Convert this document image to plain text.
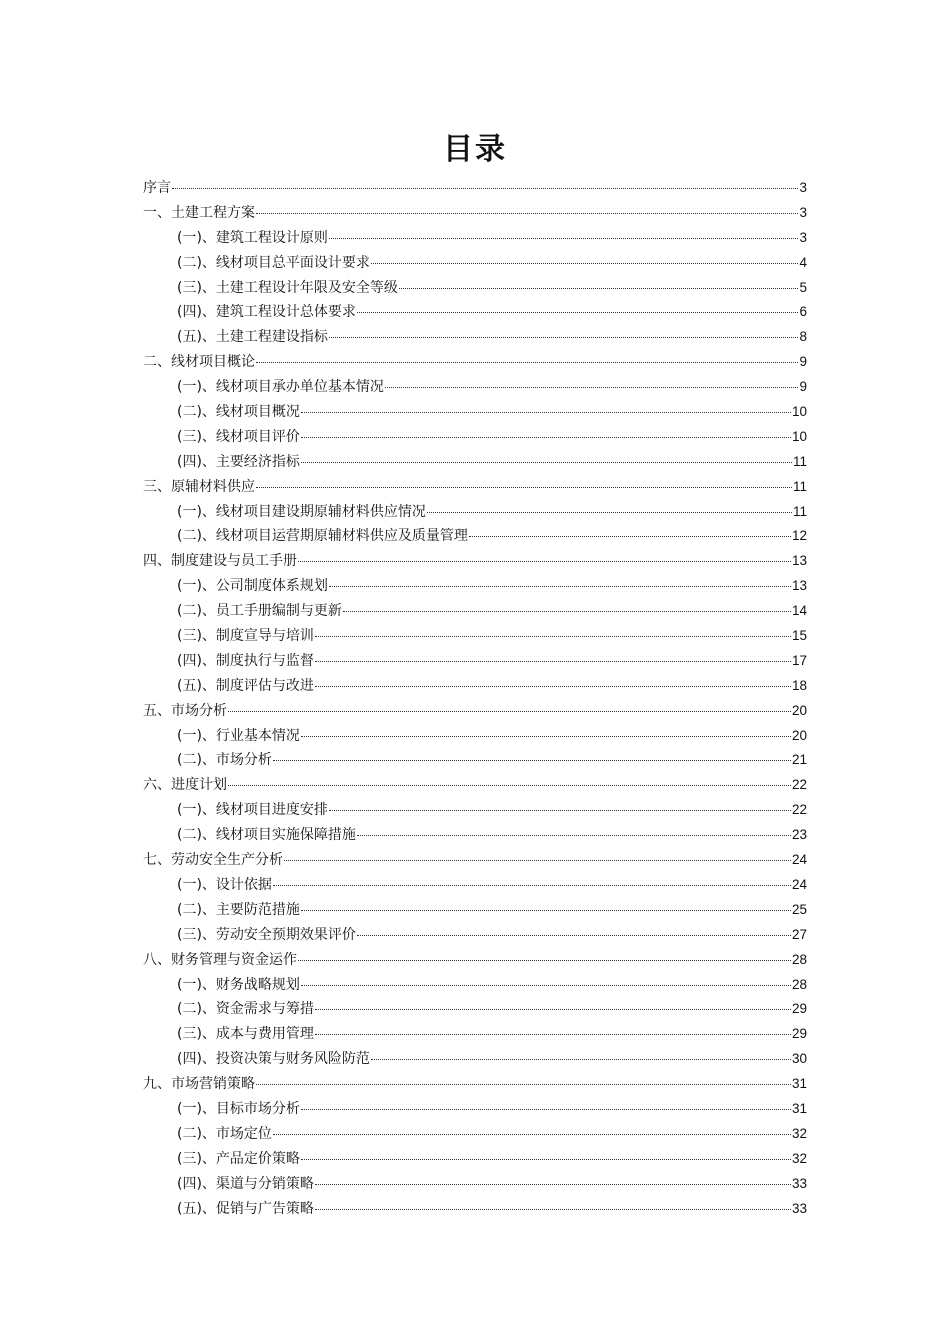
目录
序言	3
一、土建工程方案	3
(一)、建筑工程设计原则	3
(二)、线材项目总平面设计要求	4
(三)、土建工程设计年限及安全等级	5
(四)、建筑工程设计总体要求	6
(五)、土建工程建设指标	8
二、线材项目概论	9
(一)、线材项目承办单位基本情况	9
(二)、线材项目概况	10
(三)、线材项目评价	10
(四)、主要经济指标	11
三、原辅材料供应	11
(一)、线材项目建设期原辅材料供应情况	11
(二)、线材项目运营期原辅材料供应及质量管理	12
四、制度建设与员工手册	13
(一)、公司制度体系规划	13
(二)、员工手册编制与更新	14
(三)、制度宣导与培训	15
(四)、制度执行与监督	17
(五)、制度评估与改进	18
五、市场分析	20
(一)、行业基本情况	20
(二)、市场分析	21
六、进度计划	22
(一)、线材项目进度安排	22
(二)、线材项目实施保障措施	23
七、劳动安全生产分析	24
(一)、设计依据	24
(二)、主要防范措施	25
(三)、劳动安全预期效果评价	27
八、财务管理与资金运作	28
(一)、财务战略规划	28
(二)、资金需求与筹措	29
(三)、成本与费用管理	29
(四)、投资决策与财务风险防范	30
九、市场营销策略	31
(一)、目标市场分析	31
(二)、市场定位	32
(三)、产品定价策略	32
(四)、渠道与分销策略	33
(五)、促销与广告策略	33
